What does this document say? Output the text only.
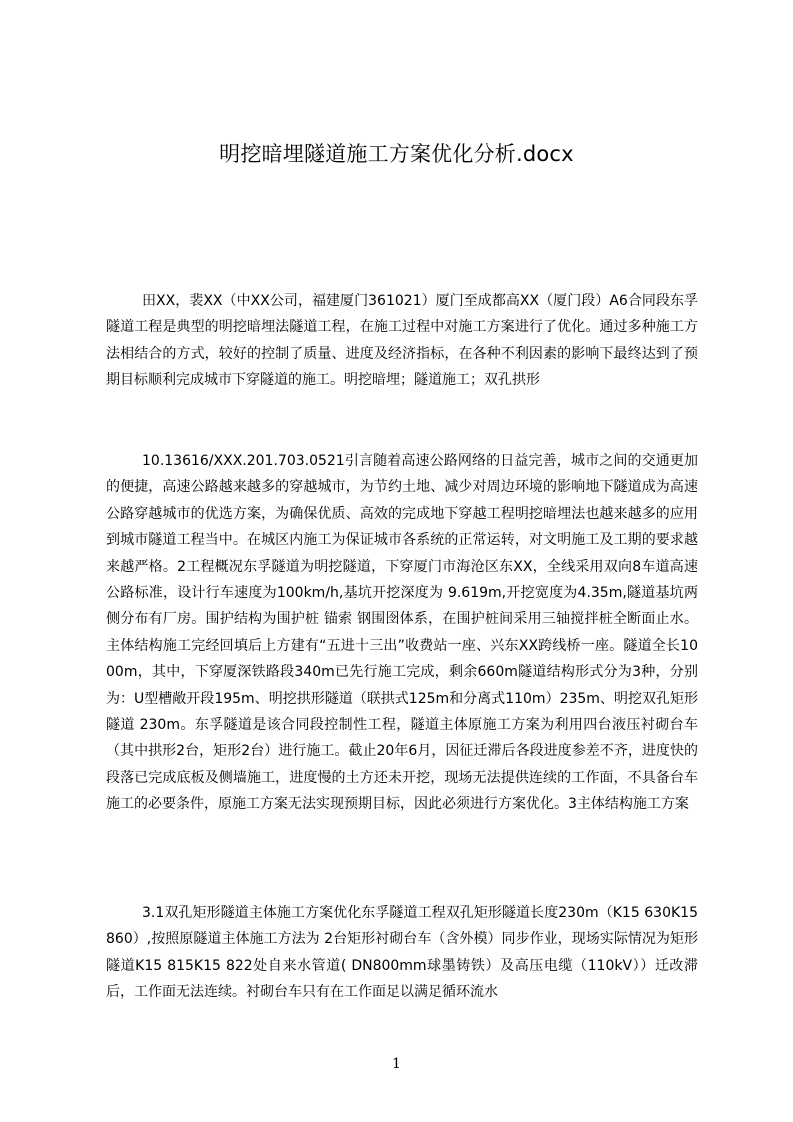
明挖暗埋隧道施工方案优化分析.docx

田XX，裴XX（中XX公司，福建厦门361021）厦门至成都高XX（厦门段）A6合同段东孚隧道工程是典型的明挖暗埋法隧道工程，在施工过程中对施工方案进行了优化。通过多种施工方法相结合的方式，较好的控制了质量、进度及经济指标，在各种不利因素的影响下最终达到了预期目标顺利完成城市下穿隧道的施工。明挖暗埋；隧道施工；双孔拱形

10.13616/XXX.201.703.0521引言随着高速公路网络的日益完善，城市之间的交通更加的便捷，高速公路越来越多的穿越城市，为节约土地、减少对周边环境的影响地下隧道成为高速公路穿越城市的优选方案，为确保优质、高效的完成地下穿越工程明挖暗埋法也越来越多的应用到城市隧道工程当中。在城区内施工为保证城市各系统的正常运转，对文明施工及工期的要求越来越严格。2工程概况东孚隧道为明挖隧道，下穿厦门市海沧区东XX，全线采用双向8车道高速公路标准，设计行车速度为100km/h,基坑开挖深度为 9.619m,开挖宽度为4.35m,隧道基坑两侧分布有厂房。围护结构为围护桩 锚索 钢围囹体系，在围护桩间采用三轴搅拌桩全断面止水。主体结构施工完经回填后上方建有“五进十三出”收费站一座、兴东XX跨线桥一座。隧道全长1000m，其中，下穿厦深铁路段340m已先行施工完成，剩余660m隧道结构形式分为3种，分别为：U型槽敞开段195m、明挖拱形隧道（联拱式125m和分离式110m）235m、明挖双孔矩形隧道 230m。东孚隧道是该合同段控制性工程，隧道主体原施工方案为利用四台液压衬砌台车（其中拱形2台，矩形2台）进行施工。截止20年6月，因征迁滞后各段进度参差不齐，进度快的段落已完成底板及侧墙施工，进度慢的土方还未开挖，现场无法提供连续的工作面，不具备台车施工的必要条件，原施工方案无法实现预期目标，因此必须进行方案优化。3主体结构施工方案

3.1双孔矩形隧道主体施工方案优化东孚隧道工程双孔矩形隧道长度230m（K15 630K15 860）,按照原隧道主体施工方法为 2台矩形衬砌台车（含外模）同步作业，现场实际情况为矩形隧道K15 815K15 822处自来水管道( DN800mm球墨铸铁）及高压电缆（110kV））迁改滞后，工作面无法连续。衬砌台车只有在工作面足以满足循环流水

1
